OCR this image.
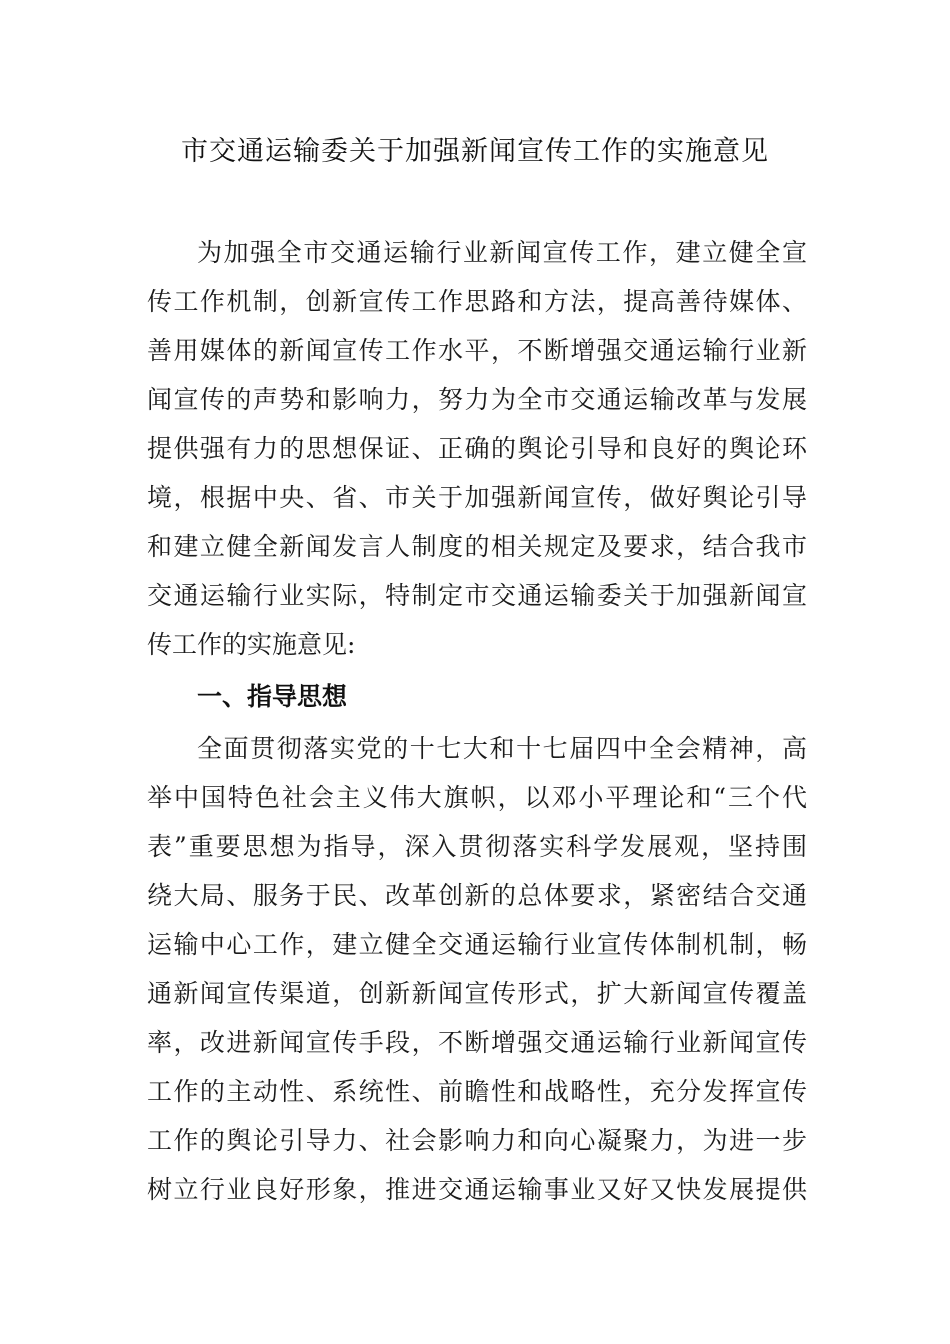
市交通运输委关于加强新闻宣传工作的实施意见
为加强全市交通运输行业新闻宣传工作，建立健全宣
传工作机制，创新宣传工作思路和方法，提高善待媒体、
善用媒体的新闻宣传工作水平，不断增强交通运输行业新
闻宣传的声势和影响力，努力为全市交通运输改革与发展
提供强有力的思想保证、正确的舆论引导和良好的舆论环
境，根据中央、省、市关于加强新闻宣传，做好舆论引导
和建立健全新闻发言人制度的相关规定及要求，结合我市
交通运输行业实际，特制定市交通运输委关于加强新闻宣
传工作的实施意见:
一、指导思想
全面贯彻落实党的十七大和十七届四中全会精神，高
举中国特色社会主义伟大旗帜，以邓小平理论和“三个代
表”重要思想为指导，深入贯彻落实科学发展观，坚持围
绕大局、服务于民、改革创新的总体要求，紧密结合交通
运输中心工作，建立健全交通运输行业宣传体制机制，畅
通新闻宣传渠道，创新新闻宣传形式，扩大新闻宣传覆盖
率，改进新闻宣传手段，不断增强交通运输行业新闻宣传
工作的主动性、系统性、前瞻性和战略性，充分发挥宣传
工作的舆论引导力、社会影响力和向心凝聚力，为进一步
树立行业良好形象，推进交通运输事业又好又快发展提供
